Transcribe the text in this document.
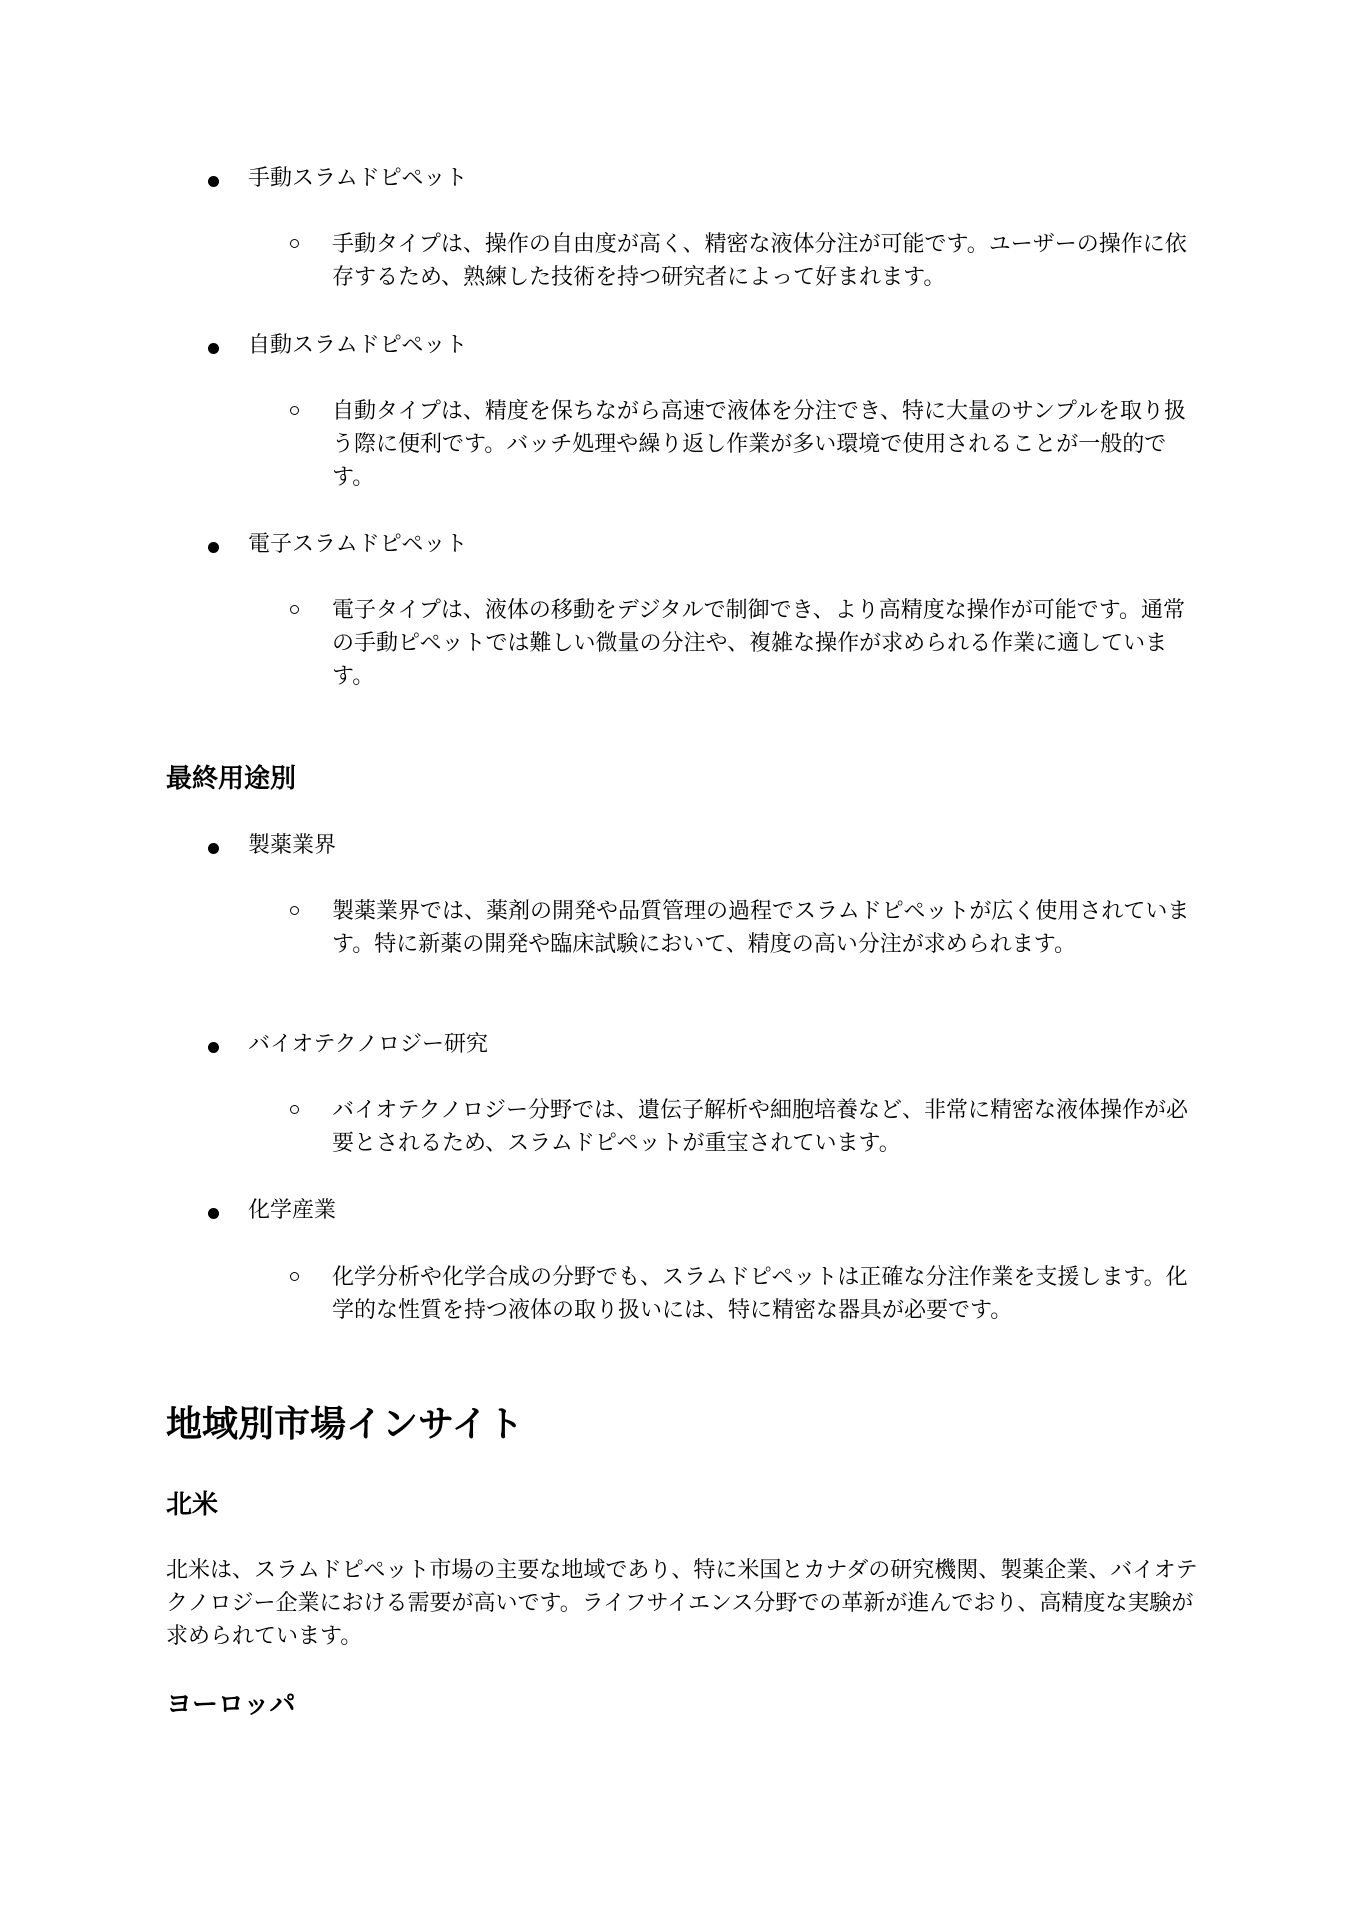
手動スラムドピペット
手動タイプは、操作の自由度が高く、精密な液体分注が可能です。ユーザーの操作に依存するため、熟練した技術を持つ研究者によって好まれます。
自動スラムドピペット
自動タイプは、精度を保ちながら高速で液体を分注でき、特に大量のサンプルを取り扱う際に便利です。バッチ処理や繰り返し作業が多い環境で使用されることが一般的です。
電子スラムドピペット
電子タイプは、液体の移動をデジタルで制御でき、より高精度な操作が可能です。通常の手動ピペットでは難しい微量の分注や、複雑な操作が求められる作業に適しています。
最終用途別
製薬業界
製薬業界では、薬剤の開発や品質管理の過程でスラムドピペットが広く使用されています。特に新薬の開発や臨床試験において、精度の高い分注が求められます。
バイオテクノロジー研究
バイオテクノロジー分野では、遺伝子解析や細胞培養など、非常に精密な液体操作が必要とされるため、スラムドピペットが重宝されています。
化学産業
化学分析や化学合成の分野でも、スラムドピペットは正確な分注作業を支援します。化学的な性質を持つ液体の取り扱いには、特に精密な器具が必要です。
地域別市場インサイト
北米

北米は、スラムドピペット市場の主要な地域であり、特に米国とカナダの研究機関、製薬企業、バイオテクノロジー企業における需要が高いです。ライフサイエンス分野での革新が進んでおり、高精度な実験が求められています。

ヨーロッパ
